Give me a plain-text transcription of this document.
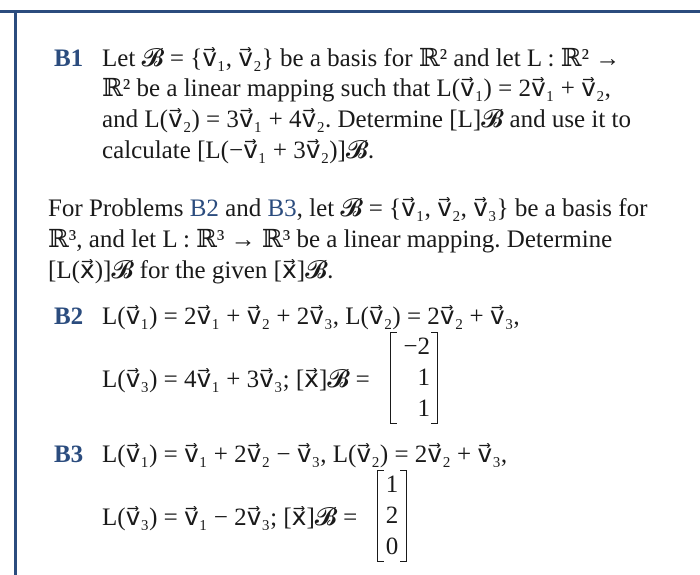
B1 Let 𝓑 = {v⃗₁, v⃗₂} be a basis for ℝ² and let L : ℝ² →
ℝ² be a linear mapping such that L(v⃗₁) = 2v⃗₁ + v⃗₂,
and L(v⃗₂) = 3v⃗₁ + 4v⃗₂. Determine [L]𝓑 and use it to
calculate [L(−v⃗₁ + 3v⃗₂)]𝓑.
For Problems B2 and B3, let 𝓑 = {v⃗₁, v⃗₂, v⃗₃} be a basis for
ℝ³, and let L : ℝ³ → ℝ³ be a linear mapping. Determine
[L(x⃗)]𝓑 for the given [x⃗]𝓑.
B2 L(v⃗₁) = 2v⃗₁ + v⃗₂ + 2v⃗₃, L(v⃗₂) = 2v⃗₂ + v⃗₃,
L(v⃗₃) = 4v⃗₁ + 3v⃗₃; [x⃗]𝓑 =
−2
1
1
B3 L(v⃗₁) = v⃗₁ + 2v⃗₂ − v⃗₃, L(v⃗₂) = 2v⃗₂ + v⃗₃,
L(v⃗₃) = v⃗₁ − 2v⃗₃; [x⃗]𝓑 =
1
2
0
